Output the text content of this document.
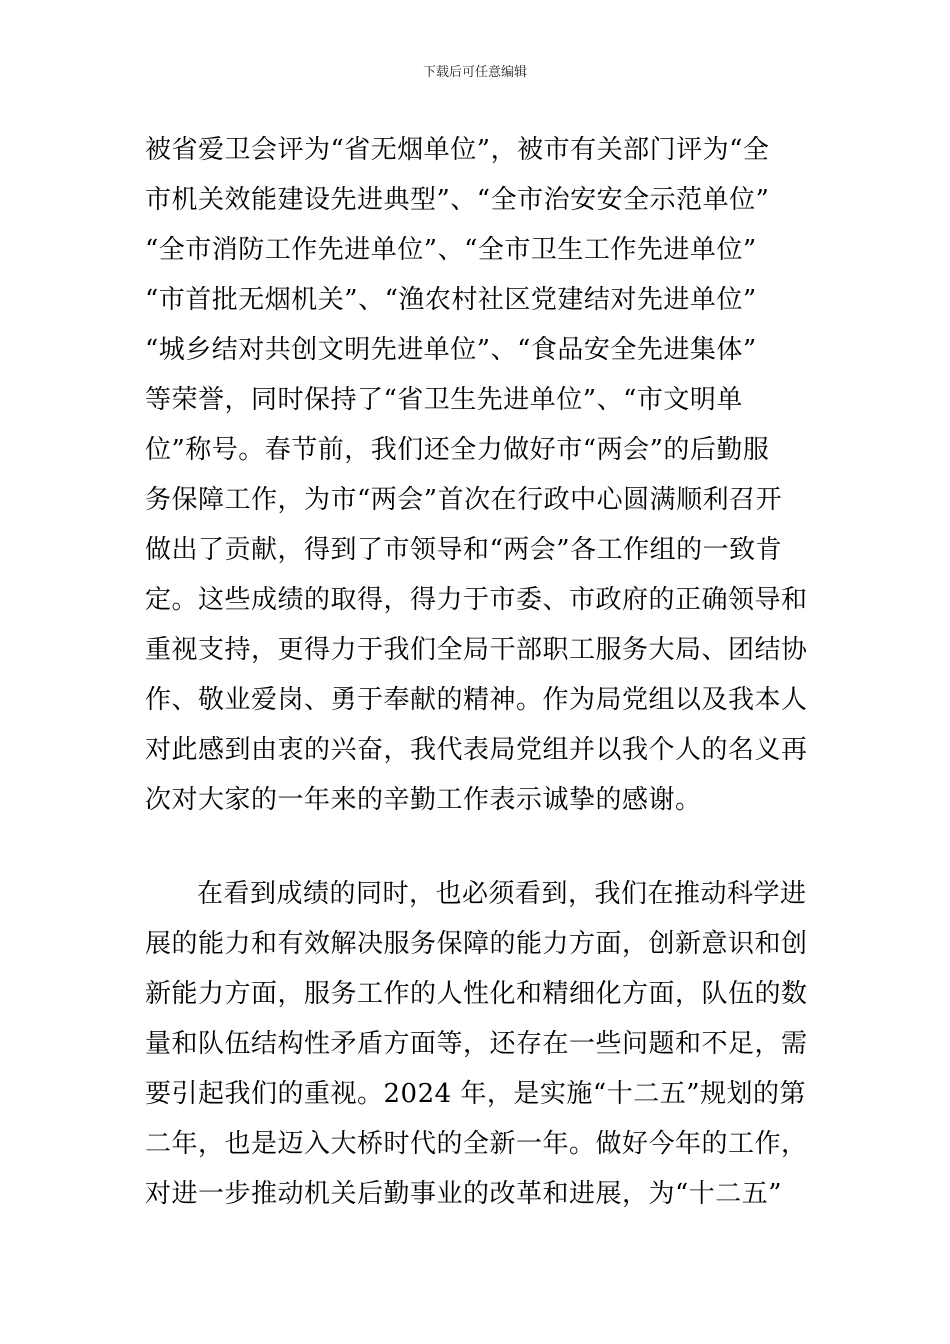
下载后可任意编辑
被省爱卫会评为“省无烟单位”，被市有关部门评为“全
市机关效能建设先进典型”、“全市治安安全示范单位”
“全市消防工作先进单位”、“全市卫生工作先进单位”
“市首批无烟机关”、“渔农村社区党建结对先进单位”
“城乡结对共创文明先进单位”、“食品安全先进集体”
等荣誉，同时保持了“省卫生先进单位”、“市文明单
位”称号。春节前，我们还全力做好市“两会”的后勤服
务保障工作，为市“两会”首次在行政中心圆满顺利召开
做出了贡献，得到了市领导和“两会”各工作组的一致肯
定。这些成绩的取得，得力于市委、市政府的正确领导和
重视支持，更得力于我们全局干部职工服务大局、团结协
作、敬业爱岗、勇于奉献的精神。作为局党组以及我本人
对此感到由衷的兴奋，我代表局党组并以我个人的名义再
次对大家的一年来的辛勤工作表示诚挚的感谢。
在看到成绩的同时，也必须看到，我们在推动科学进
展的能力和有效解决服务保障的能力方面，创新意识和创
新能力方面，服务工作的人性化和精细化方面，队伍的数
量和队伍结构性矛盾方面等，还存在一些问题和不足，需
要引起我们的重视。2024 年，是实施“十二五”规划的第
二年，也是迈入大桥时代的全新一年。做好今年的工作，
对进一步推动机关后勤事业的改革和进展，为“十二五”
